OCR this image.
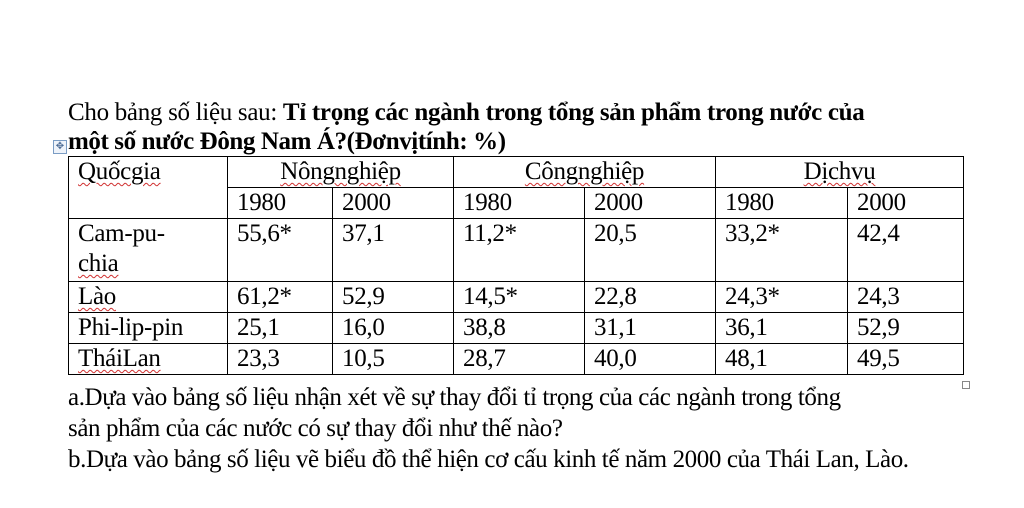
Cho bảng số liệu sau: Tỉ trọng các ngành trong tổng sản phẩm trong nước của
một số nước Đông Nam Á?(Đơnvịtính: %)
✥
Quốcgia	Nôngnghiệp		Côngnghiệp		Dịchvụ	
	1980	2000	1980	2000	1980	2000
Cam-pu-
chia	55,6*	37,1	11,2*	20,5	33,2*	42,4
Lào	61,2*	52,9	14,5*	22,8	24,3*	24,3
Phi-lip-pin	25,1	16,0	38,8	31,1	36,1	52,9
TháiLan	23,3	10,5	28,7	40,0	48,1	49,5
a.Dựa vào bảng số liệu nhận xét về sự thay đổi tỉ trọng của các ngành trong tổng
sản phẩm của các nước có sự thay đổi như thế nào?
b.Dựa vào bảng số liệu vẽ biểu đồ thể hiện cơ cấu kinh tế năm 2000 của Thái Lan, Lào.
